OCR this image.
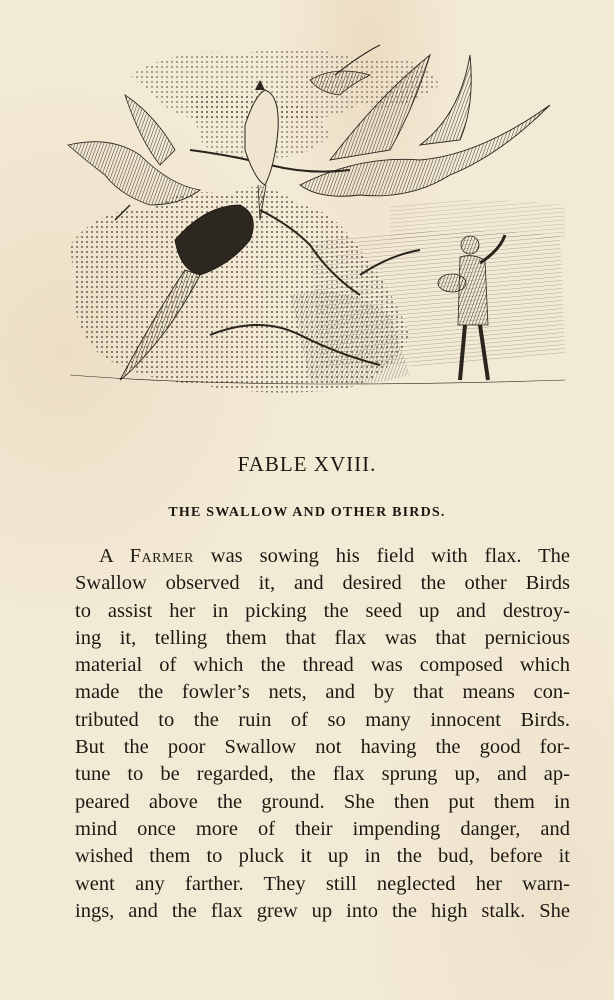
FABLE XVIII.
THE SWALLOW AND OTHER BIRDS.
A Farmer was sowing his field with flax. The
Swallow observed it, and desired the other Birds
to assist her in picking the seed up and destroy-
ing it, telling them that flax was that pernicious
material of which the thread was composed which
made the fowler’s nets, and by that means con-
tributed to the ruin of so many innocent Birds.
But the poor Swallow not having the good for-
tune to be regarded, the flax sprung up, and ap-
peared above the ground. She then put them in
mind once more of their impending danger, and
wished them to pluck it up in the bud, before it
went any farther. They still neglected her warn-
ings, and the flax grew up into the high stalk. She
